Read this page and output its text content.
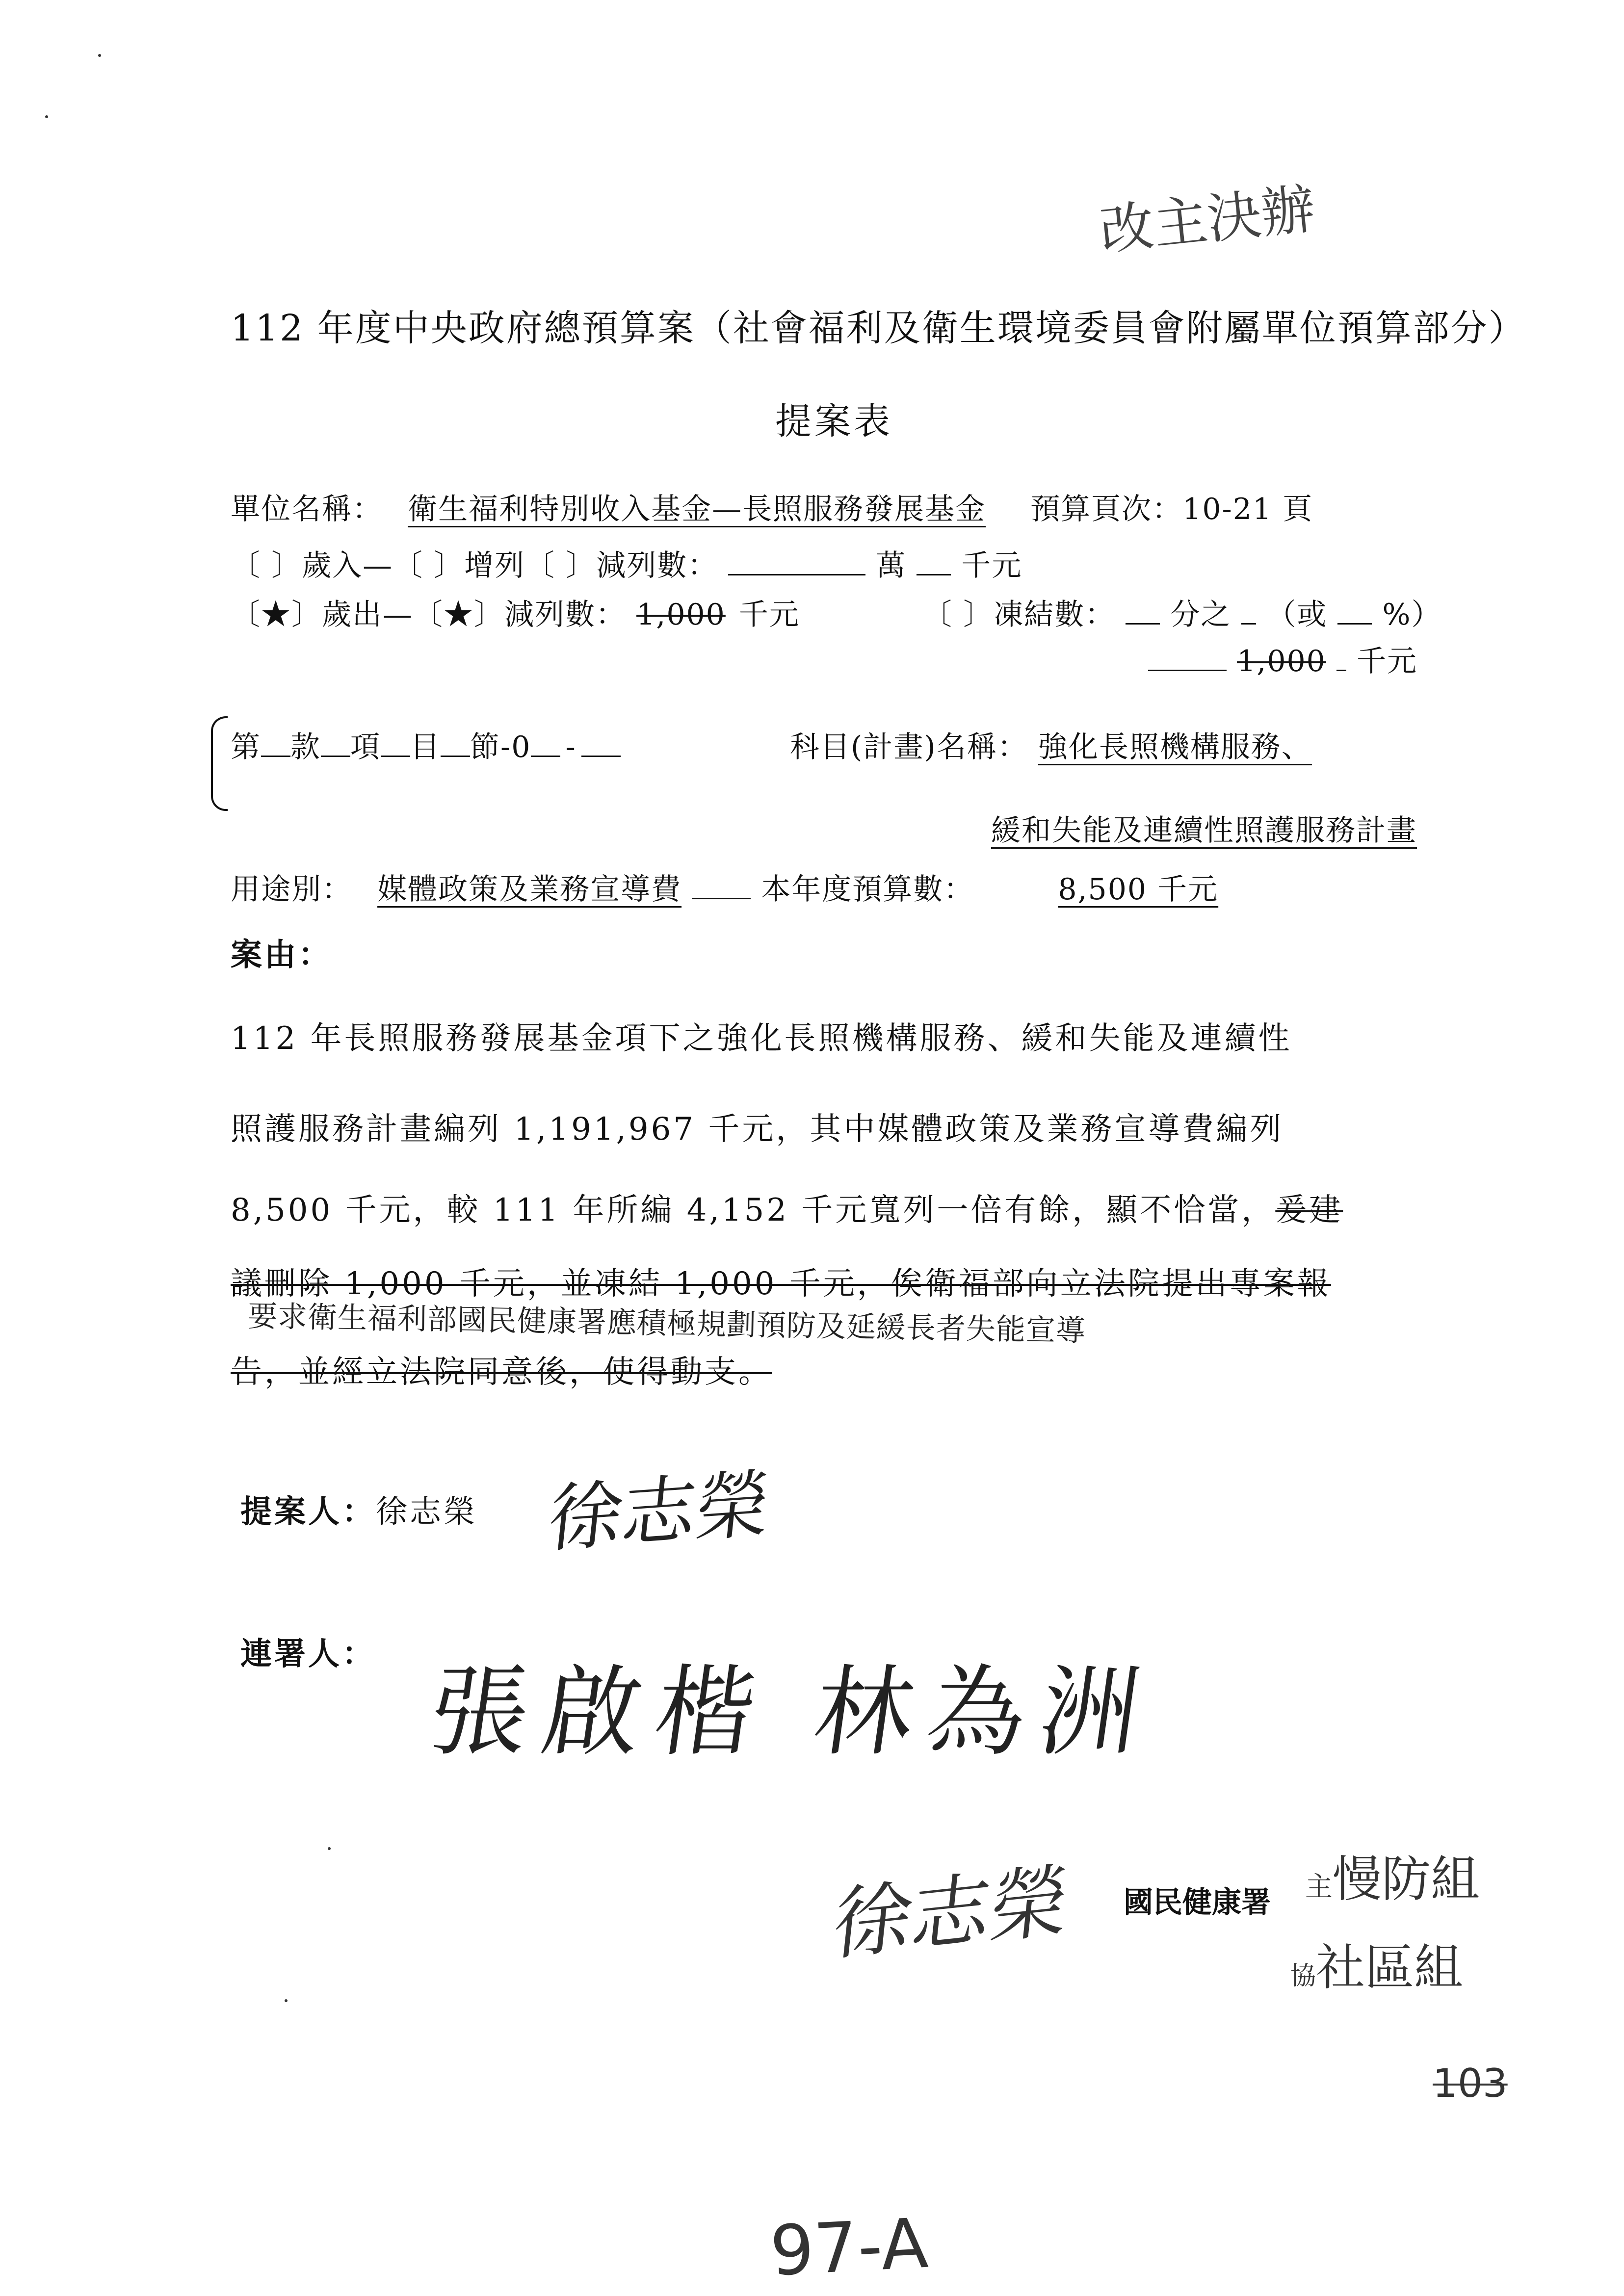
改主決辦
112 年度中央政府總預算案（社會福利及衛生環境委員會附屬單位預算部分）
提案表
單位名稱： 衛生福利特別收入基金—長照服務發展基金 預算頁次：10-21 頁
〔 〕歲入—〔 〕增列〔 〕減列數：	萬 千元
〔★〕歲出—〔★〕減列數： 1,000 千元	〔 〕凍結數： 分之 （或 %）
1,000 千元
第 款 項 目 節-0 -	科目(計畫)名稱： 強化長照機構服務、
緩和失能及連續性照護服務計畫
用途別： 媒體政策及業務宣導費	本年度預算數：	8,500 千元
案由：
112 年長照服務發展基金項下之強化長照機構服務、緩和失能及連續性
照護服務計畫編列 1,191,967 千元，其中媒體政策及業務宣導費編列
8,500 千元，較 111 年所編 4,152 千元寬列一倍有餘，顯不恰當，爰建
議刪除 1,000 千元，並凍結 1,000 千元，俟衛福部向立法院提出專案報
要求衛生福利部國民健康署應積極規劃預防及延緩長者失能宣導
告，並經立法院同意後，使得動支。
提案人：徐志榮 徐志榮
連署人：
張啟楷 林為洲
徐志榮 國民健康署 主慢防組
協社區組
103
97-A
